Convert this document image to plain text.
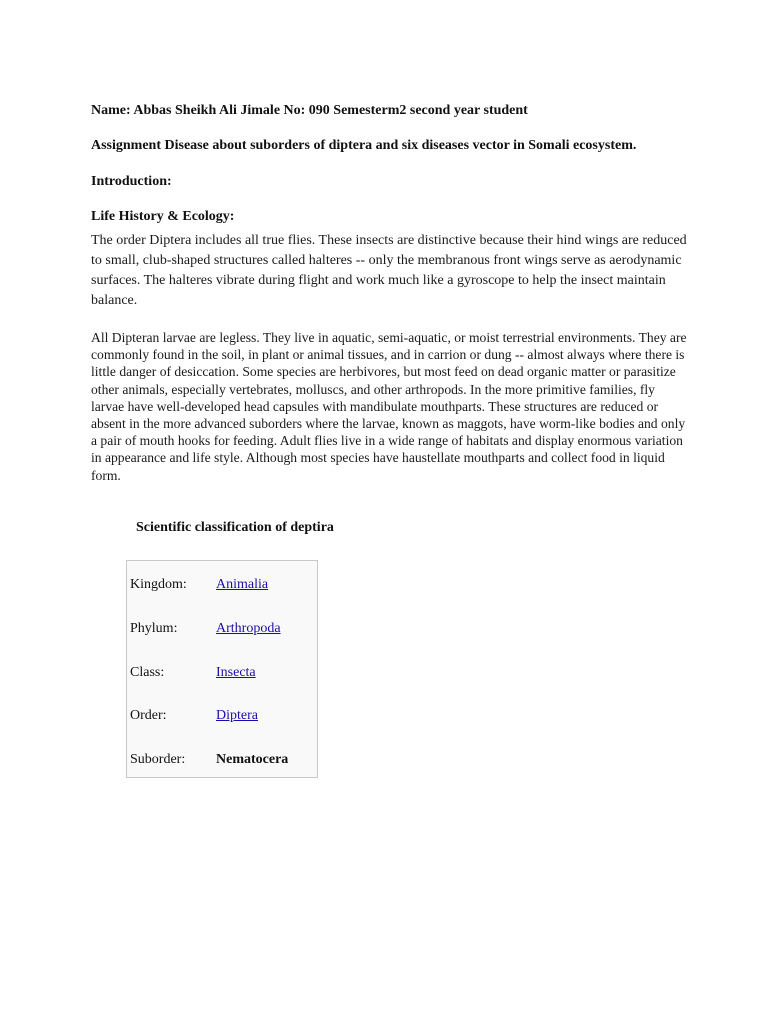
Name: Abbas Sheikh Ali Jimale No: 090 Semesterm2 second year student

Assignment Disease about suborders of diptera and six diseases vector in Somali ecosystem.

Introduction:

Life History & Ecology:

The order Diptera includes all true flies. These insects are distinctive because their hind wings are reduced to small, club-shaped structures called halteres -- only the membranous front wings serve as aerodynamic surfaces. The halteres vibrate during flight and work much like a gyroscope to help the insect maintain balance.

All Dipteran larvae are legless. They live in aquatic, semi-aquatic, or moist terrestrial environments. They are commonly found in the soil, in plant or animal tissues, and in carrion or dung -- almost always where there is little danger of desiccation. Some species are herbivores, but most feed on dead organic matter or parasitize other animals, especially vertebrates, molluscs, and other arthropods. In the more primitive families, fly larvae have well-developed head capsules with mandibulate mouthparts. These structures are reduced or absent in the more advanced suborders where the larvae, known as maggots, have worm-like bodies and only a pair of mouth hooks for feeding. Adult flies live in a wide range of habitats and display enormous variation in appearance and life style. Although most species have haustellate mouthparts and collect food in liquid form.

Scientific classification of deptira

Kingdom: Animalia
Phylum:	Arthropoda
Class:	Insecta
Order:	Diptera
Suborder: Nematocera
